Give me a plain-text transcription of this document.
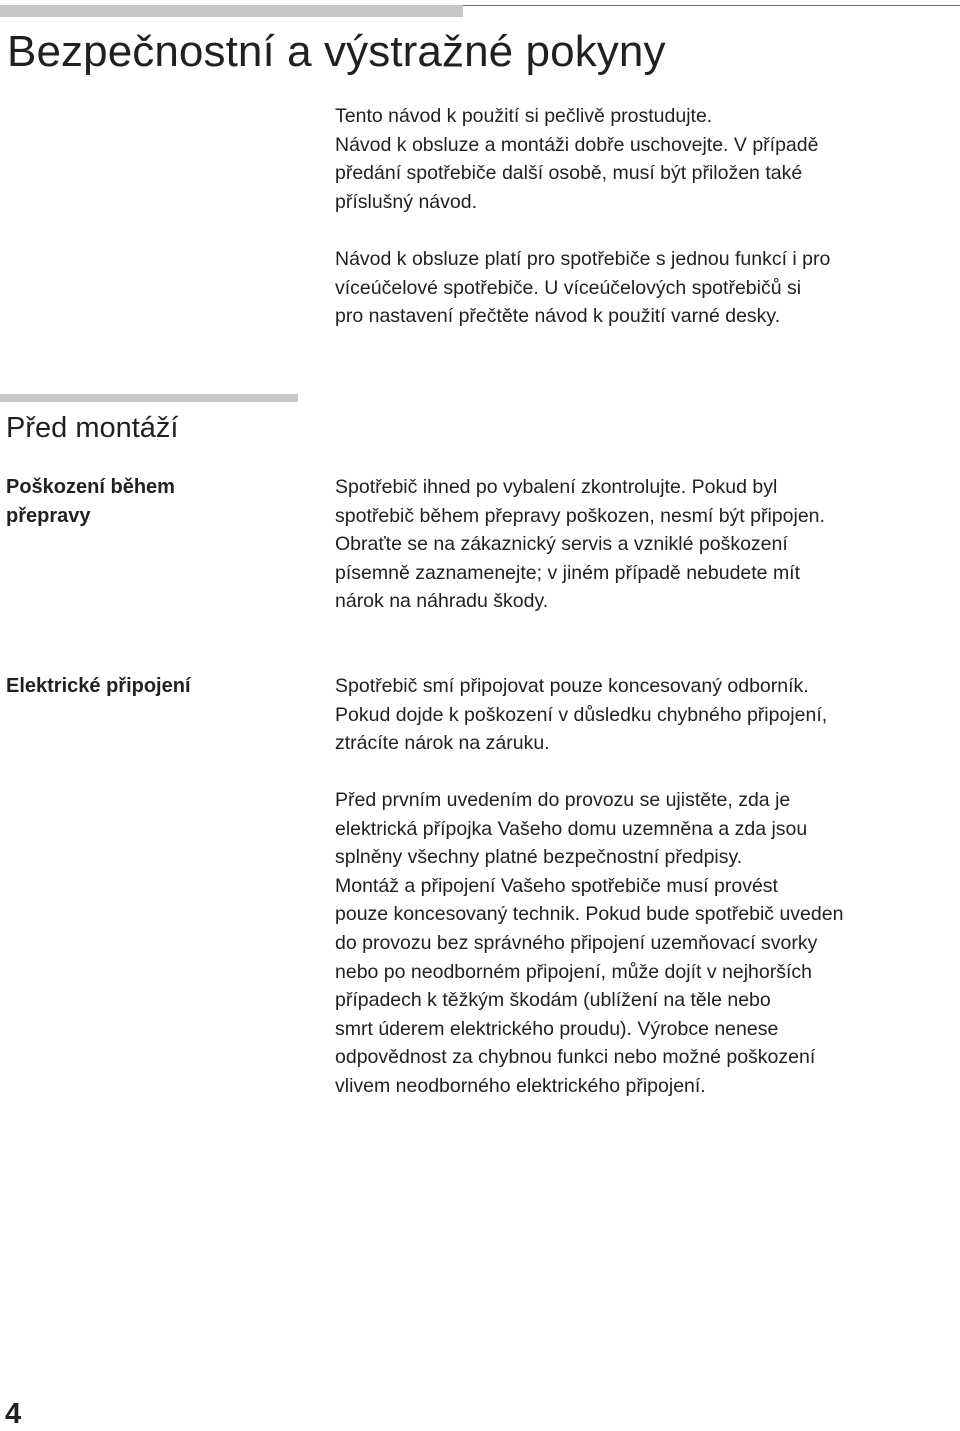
Bezpečnostní a výstražné pokyny
Tento návod k použití si pečlivě prostudujte.
Návod k obsluze a montáži dobře uschovejte. V případě
předání spotřebiče další osobě, musí být přiložen také
příslušný návod.
Návod k obsluze platí pro spotřebiče s jednou funkcí i pro
víceúčelové spotřebiče. U víceúčelových spotřebičů si
pro nastavení přečtěte návod k použití varné desky.
Před montáží
Poškození během
přepravy
Spotřebič ihned po vybalení zkontrolujte. Pokud byl
spotřebič během přepravy poškozen, nesmí být připojen.
Obraťte se na zákaznický servis a vzniklé poškození
písemně zaznamenejte; v jiném případě nebudete mít
nárok na náhradu škody.
Elektrické připojení	Spotřebič smí připojovat pouze koncesovaný odborník.
Pokud dojde k poškození v důsledku chybného připojení,
ztrácíte nárok na záruku.
Před prvním uvedením do provozu se ujistěte, zda je
elektrická přípojka Vašeho domu uzemněna a zda jsou
splněny všechny platné bezpečnostní předpisy.
Montáž a připojení Vašeho spotřebiče musí provést
pouze koncesovaný technik. Pokud bude spotřebič uveden
do provozu bez správného připojení uzemňovací svorky
nebo po neodborném připojení, může dojít v nejhorších
případech k těžkým škodám (ublížení na těle nebo
smrt úderem elektrického proudu). Výrobce nenese
odpovědnost za chybnou funkci nebo možné poškození
vlivem neodborného elektrického připojení.
4
